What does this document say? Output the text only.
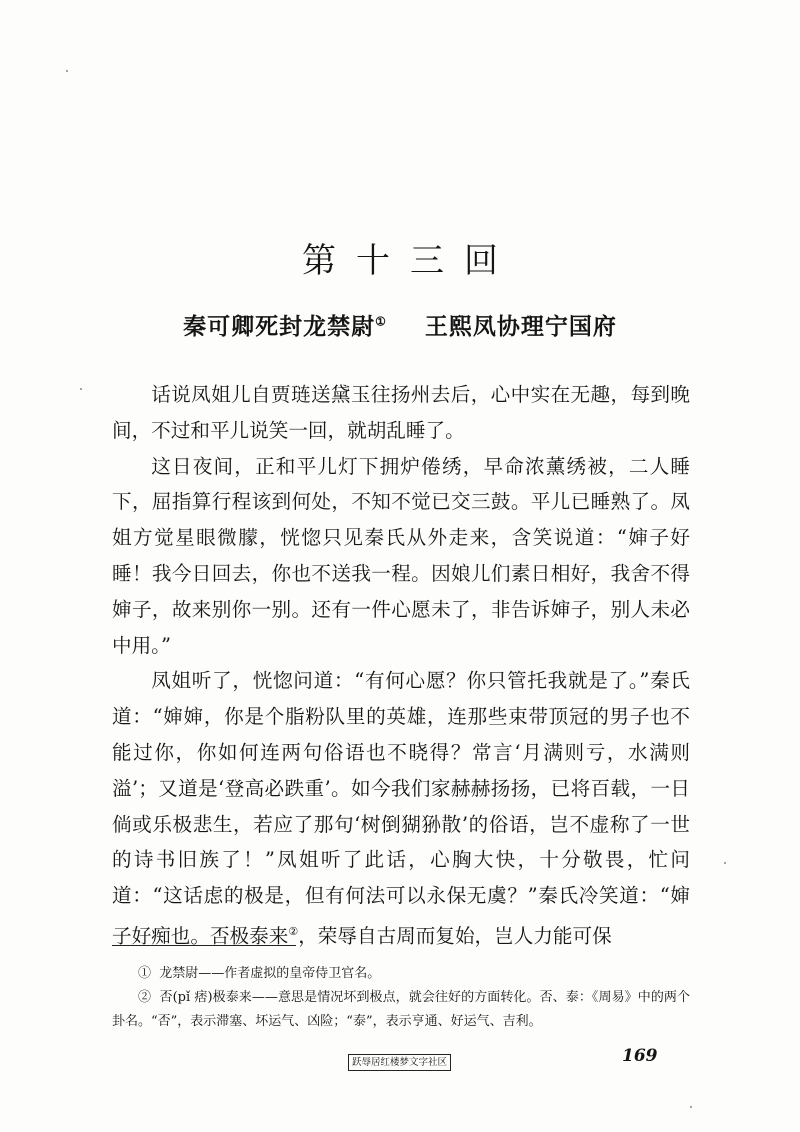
第十三回
秦可卿死封龙禁尉① 王熙凤协理宁国府

话说凤姐儿自贾琏送黛玉往扬州去后，心中实在无趣，每到晚间，不过和平儿说笑一回，就胡乱睡了。

这日夜间，正和平儿灯下拥炉倦绣，早命浓薰绣被，二人睡下，屈指算行程该到何处，不知不觉已交三鼓。平儿已睡熟了。凤姐方觉星眼微朦，恍惚只见秦氏从外走来，含笑说道：“婶子好睡！我今日回去，你也不送我一程。因娘儿们素日相好，我舍不得婶子，故来别你一别。还有一件心愿未了，非告诉婶子，别人未必中用。”

凤姐听了，恍惚问道：“有何心愿？你只管托我就是了。”秦氏道：“婶婶，你是个脂粉队里的英雄，连那些束带顶冠的男子也不能过你，你如何连两句俗语也不晓得？常言‘月满则亏，水满则溢’；又道是‘登高必跌重’。如今我们家赫赫扬扬，已将百载，一日倘或乐极悲生，若应了那句‘树倒猢狲散’的俗语，岂不虚称了一世的诗书旧族了！”凤姐听了此话，心胸大快，十分敬畏，忙问道：“这话虑的极是，但有何法可以永保无虞？”秦氏冷笑道：“婶子好痴也。否极泰来②，荣辱自古周而复始，岂人力能可保

① 龙禁尉——作者虚拟的皇帝侍卫官名。

② 否(pǐ 痞)极泰来——意思是情况坏到极点，就会往好的方面转化。否、泰：《周易》中的两个卦名。“否”，表示滞塞、坏运气、凶险；“泰”，表示亨通、好运气、吉利。

跃辱居红楼梦文字社区	169
